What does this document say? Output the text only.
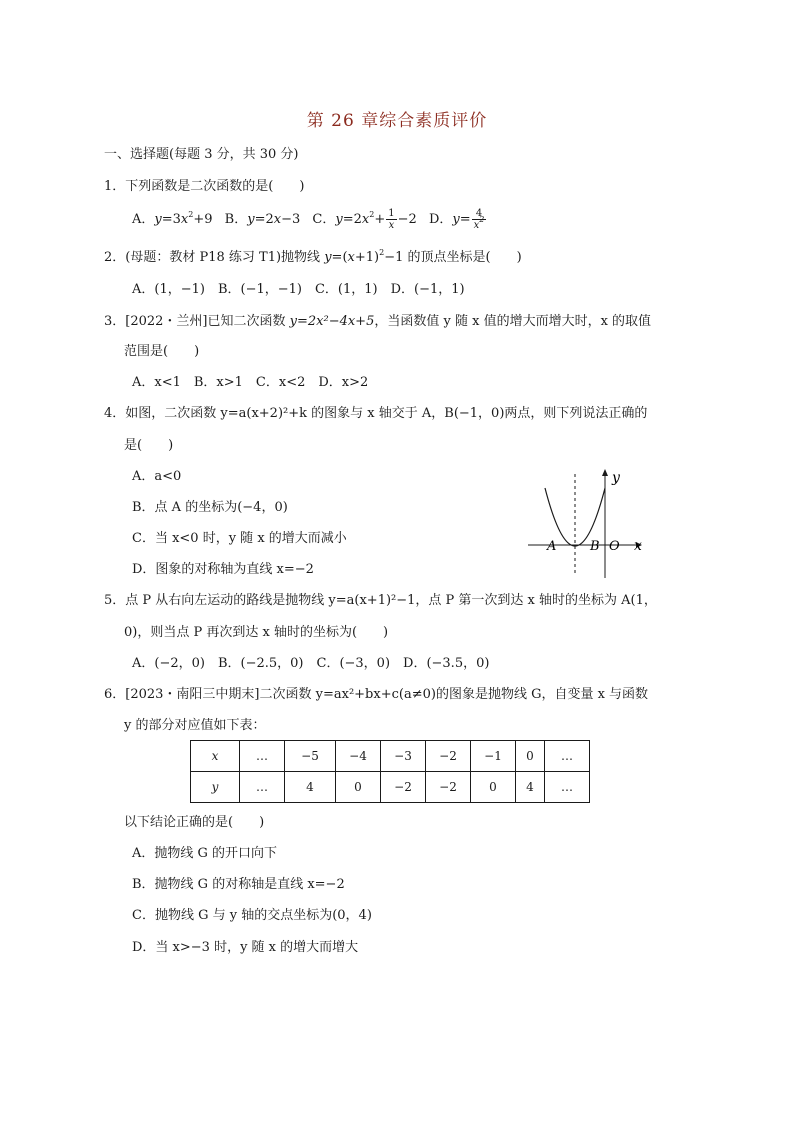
第 26 章综合素质评价
一、选择题(每题 3 分，共 30 分)
1．下列函数是二次函数的是(　　)
A．$y=3x^2+9$ B．y=2x−3 C．$y=2x^2+ \frac{1}{x} -2$ D．$y= \frac{4}{x^2}$
2．(母题：教材 P18 练习 T1)抛物线 $y=(x+1)^2-1$ 的顶点坐标是(　　)
A．(1，−1)　B．(−1，−1)　C．(1，1)　D．(−1，1)
3．[2022・兰州]已知二次函数 y=2x²−4x+5，当函数值 y 随 x 值的增大而增大时，x 的取值
范围是(　　)
A．x<1　B．x>1　C．x<2　D．x>2
4．如图，二次函数 y=a(x+2)²+k 的图象与 x 轴交于 A，B(−1，0)两点，则下列说法正确的
是(　　)
A．a<0
B．点 A 的坐标为(−4，0)
C．当 x<0 时，y 随 x 的增大而减小
D．图象的对称轴为直线 x=−2
y
x
A	B O
5．点 P 从右向左运动的路线是抛物线 y=a(x+1)²−1，点 P 第一次到达 x 轴时的坐标为 A(1，
0)，则当点 P 再次到达 x 轴时的坐标为(　　)
A．(−2，0)　B．(−2.5，0)　C．(−3，0)　D．(−3.5，0)
6．[2023・南阳三中期末]二次函数 y=ax²+bx+c(a≠0)的图象是抛物线 G，自变量 x 与函数
y 的部分对应值如下表：
x	…	−5	−4	−3	−2	−1	0	…
y	…	4	0	−2	−2	0	4	…
以下结论正确的是(　　)
A．抛物线 G 的开口向下
B．抛物线 G 的对称轴是直线 x=−2
C．抛物线 G 与 y 轴的交点坐标为(0，4)
D．当 x>−3 时，y 随 x 的增大而增大
